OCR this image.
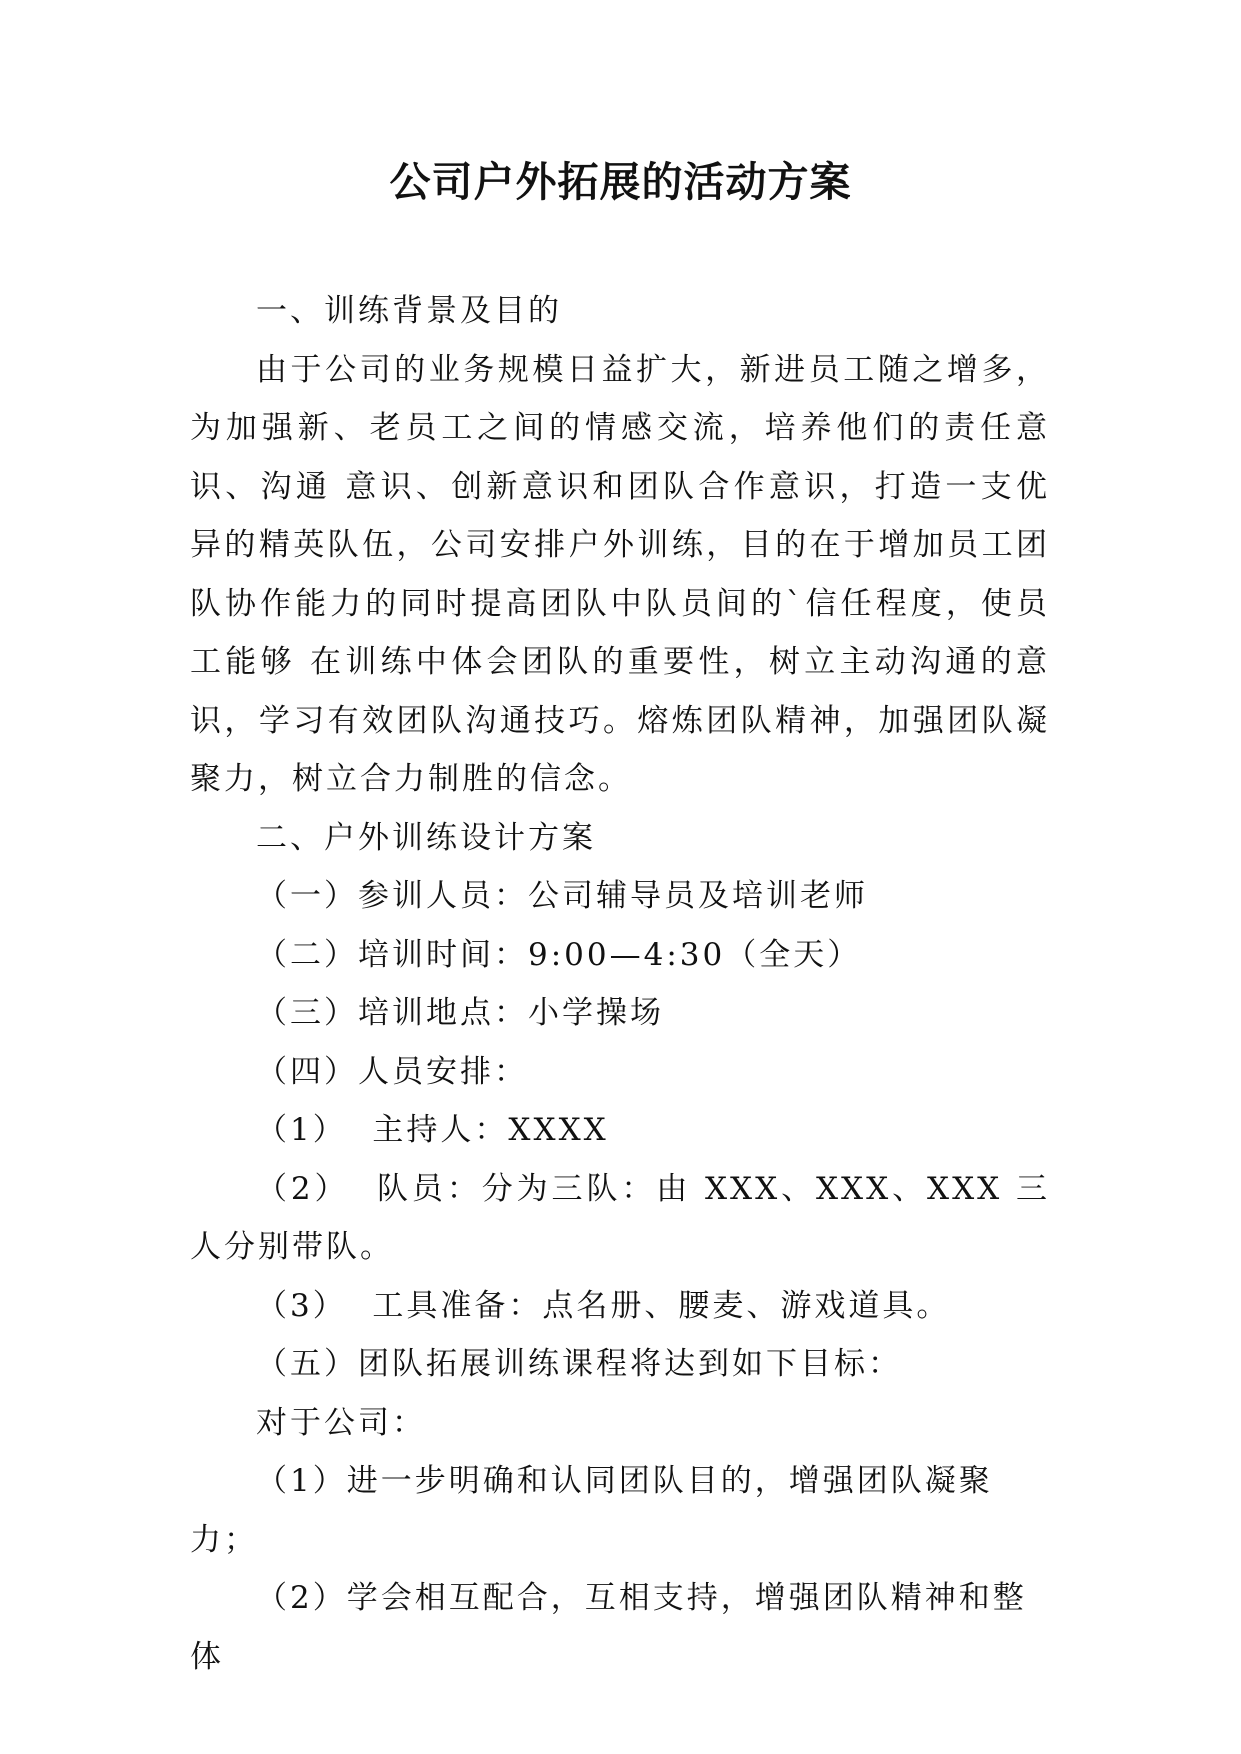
公司户外拓展的活动方案

一、训练背景及目的

由于公司的业务规模日益扩大，新进员工随之增多，为加强新、老员工之间的情感交流，培养他们的责任意识、沟通 意识、创新意识和团队合作意识，打造一支优异的精英队伍，公司安排户外训练，目的在于增加员工团队协作能力的同时提高团队中队员间的`信任程度，使员工能够 在训练中体会团队的重要性，树立主动沟通的意识，学习有效团队沟通技巧。熔炼团队精神，加强团队凝聚力，树立合力制胜的信念。

二、户外训练设计方案

（一）参训人员：公司辅导员及培训老师

（二）培训时间：9:00—4:30（全天）

（三）培训地点：小学操场

（四）人员安排：

（1）  主持人：XXXX

（2）  队员：分为三队：由 XXX、XXX、XXX 三人分别带队。

（3）  工具准备：点名册、腰麦、游戏道具。

（五）团队拓展训练课程将达到如下目标：

对于公司：

（1）进一步明确和认同团队目的，增强团队凝聚力；

（2）学会相互配合，互相支持，增强团队精神和整体
